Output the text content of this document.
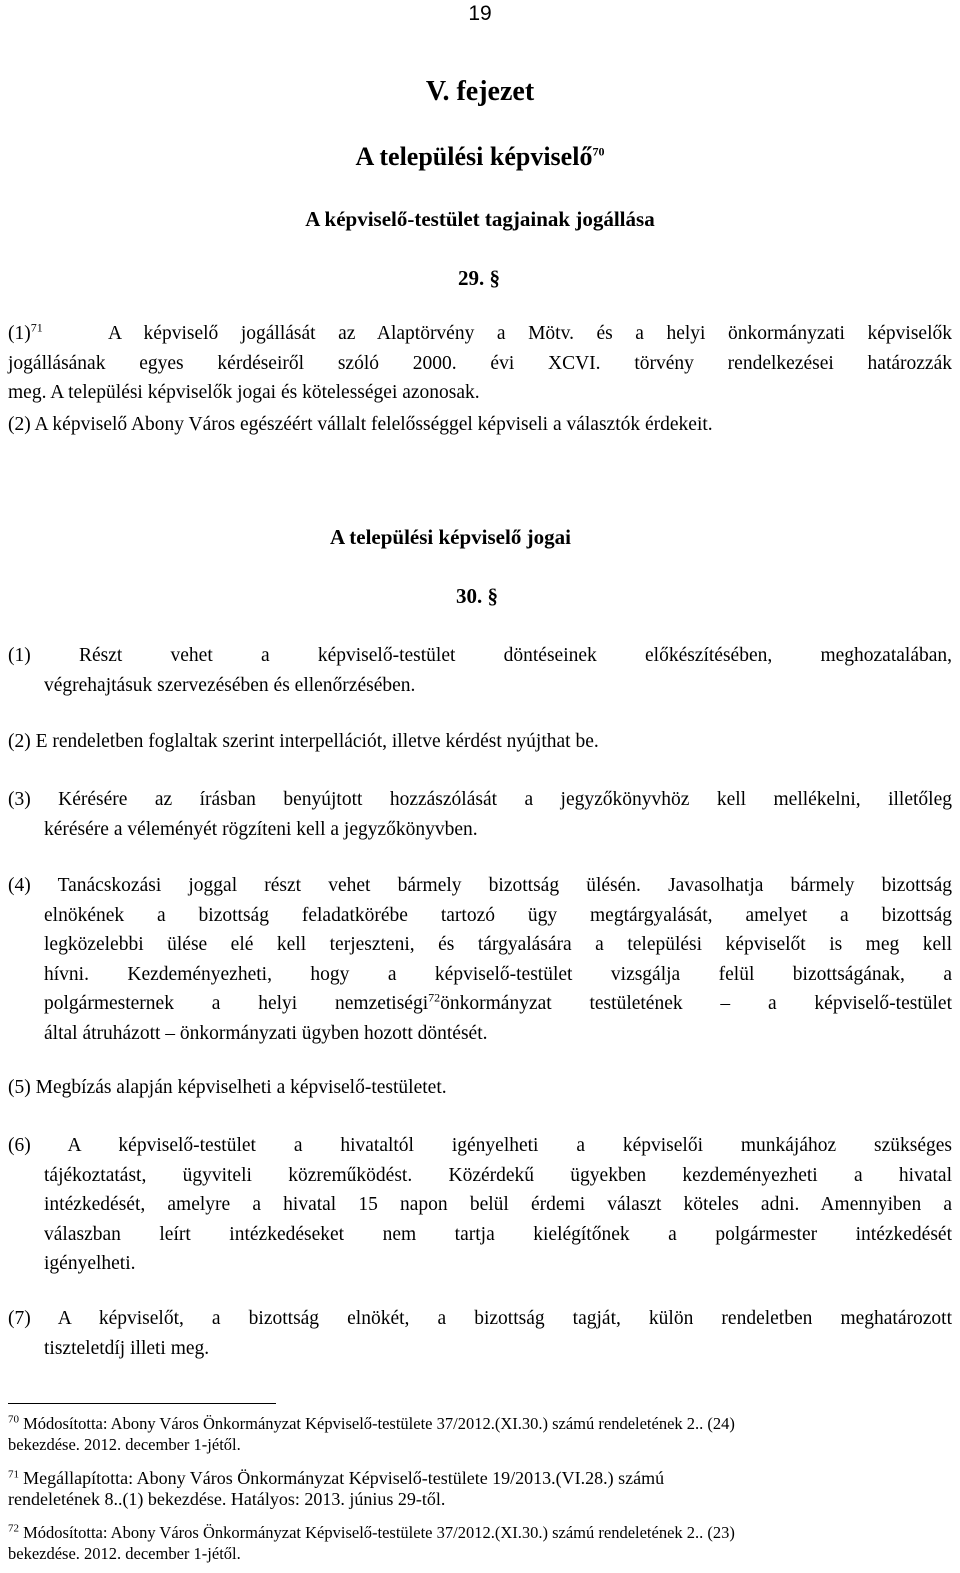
19
V. fejezet
A települési képviselő$^{70}$
A képviselő-testület tagjainak jogállása
29. §
$(1)^{71}$	A képviselő jogállását az Alaptörvény a Mötv. és a helyi önkormányzati képviselők
jogállásának egyes kérdéseiről szóló 2000. évi XCVI. törvény rendelkezései határozzák
meg. A települési képviselők jogai és kötelességei azonosak.
(2) A képviselő Abony Város egészéért vállalt felelősséggel képviseli a választók érdekeit.
A települési képviselő jogai
30. §
(1) Részt vehet a képviselő-testület döntéseinek előkészítésében, meghozatalában,
végrehajtásuk szervezésében és ellenőrzésében.
(2) E rendeletben foglaltak szerint interpellációt, illetve kérdést nyújthat be.
(3) Kérésére az írásban benyújtott hozzászólását a jegyzőkönyvhöz kell mellékelni, illetőleg
kérésére a véleményét rögzíteni kell a jegyzőkönyvben.
(4) Tanácskozási joggal részt vehet bármely bizottság ülésén. Javasolhatja bármely bizottság
elnökének a bizottság feladatkörébe tartozó ügy megtárgyalását, amelyet a bizottság
legközelebbi ülése elé kell terjeszteni, és tárgyalására a települési képviselőt is meg kell
hívni. Kezdeményezheti, hogy a képviselő-testület vizsgálja felül bizottságának, a
polgármesternek a helyi nemzetiségi$^{72}$önkormányzat testületének – a képviselő-testület
által átruházott – önkormányzati ügyben hozott döntését.
(5) Megbízás alapján képviselheti a képviselő-testületet.
(6) A képviselő-testület a hivataltól igényelheti a képviselői munkájához szükséges
tájékoztatást, ügyviteli közreműködést. Közérdekű ügyekben kezdeményezheti a hivatal
intézkedését, amelyre a hivatal 15 napon belül érdemi választ köteles adni. Amennyiben a
válaszban leírt intézkedéseket nem tartja kielégítőnek a polgármester intézkedését
igényelheti.
(7) A képviselőt, a bizottság elnökét, a bizottság tagját, külön rendeletben meghatározott
tiszteletdíj illeti meg.
$^{70}$ Módosította: Abony Város Önkormányzat Képviselő-testülete 37/2012.(XI.30.) számú rendeletének 2.. (24)
bekezdése. 2012. december 1-jétől.
$^{71}$ Megállapította: Abony Város Önkormányzat Képviselő-testülete 19/2013.(VI.28.) számú
rendeletének 8..(1) bekezdése. Hatályos: 2013. június 29-től.
$^{72}$ Módosította: Abony Város Önkormányzat Képviselő-testülete 37/2012.(XI.30.) számú rendeletének 2.. (23)
bekezdése. 2012. december 1-jétől.
